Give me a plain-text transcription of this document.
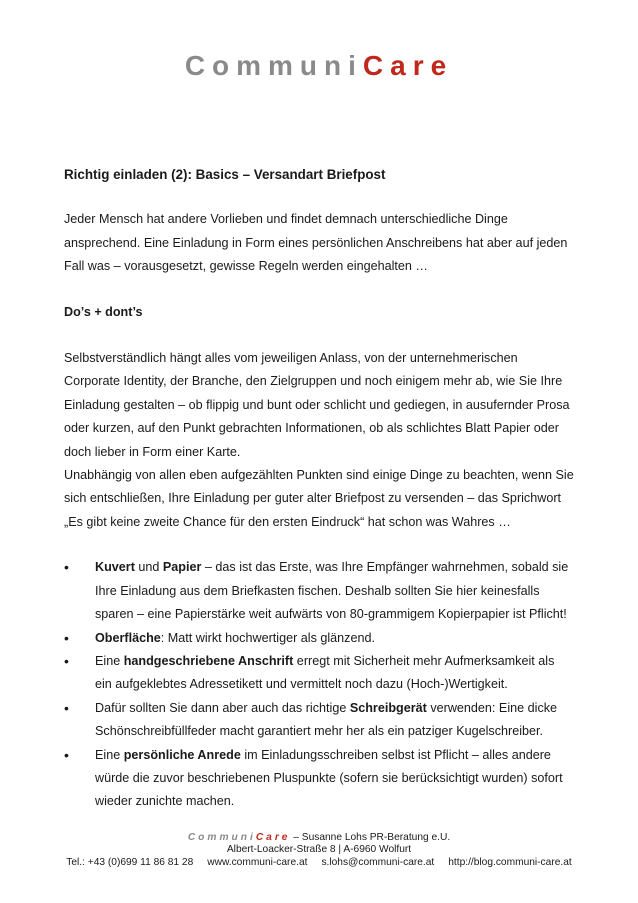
CommuniCare
Richtig einladen (2): Basics – Versandart Briefpost

Jeder Mensch hat andere Vorlieben und findet demnach unterschiedliche Dinge ansprechend. Eine Einladung in Form eines persönlichen Anschreibens hat aber auf jeden Fall was – vorausgesetzt, gewisse Regeln werden eingehalten …

Do’s + dont’s

Selbstverständlich hängt alles vom jeweiligen Anlass, von der unternehmerischen Corporate Identity, der Branche, den Zielgruppen und noch einigem mehr ab, wie Sie Ihre Einladung gestalten – ob flippig und bunt oder schlicht und gediegen, in ausufernder Prosa oder kurzen, auf den Punkt gebrachten Informationen, ob als schlichtes Blatt Papier oder doch lieber in Form einer Karte.

Unabhängig von allen eben aufgezählten Punkten sind einige Dinge zu beachten, wenn Sie sich entschließen, Ihre Einladung per guter alter Briefpost zu versenden – das Sprichwort „Es gibt keine zweite Chance für den ersten Eindruck“ hat schon was Wahres …

• Kuvert und Papier – das ist das Erste, was Ihre Empfänger wahrnehmen, sobald sie Ihre Einladung aus dem Briefkasten fischen. Deshalb sollten Sie hier keinesfalls sparen – eine Papierstärke weit aufwärts von 80-grammigem Kopierpapier ist Pflicht!
• Oberfläche: Matt wirkt hochwertiger als glänzend.
• Eine handgeschriebene Anschrift erregt mit Sicherheit mehr Aufmerksamkeit als ein aufgeklebtes Adressetikett und vermittelt noch dazu (Hoch-)Wertigkeit.
• Dafür sollten Sie dann aber auch das richtige Schreibgerät verwenden: Eine dicke Schönschreibfüllfeder macht garantiert mehr her als ein patziger Kugelschreiber.
• Eine persönliche Anrede im Einladungsschreiben selbst ist Pflicht – alles andere würde die zuvor beschriebenen Pluspunkte (sofern sie berücksichtigt wurden) sofort wieder zunichte machen.
CommuniCare – Susanne Lohs PR-Beratung e.U.
Albert-Loacker-Straße 8 | A-6960 Wolfurt
Tel.: +43 (0)699 11 86 81 28 www.communi-care.at s.lohs@communi-care.at http://blog.communi-care.at
